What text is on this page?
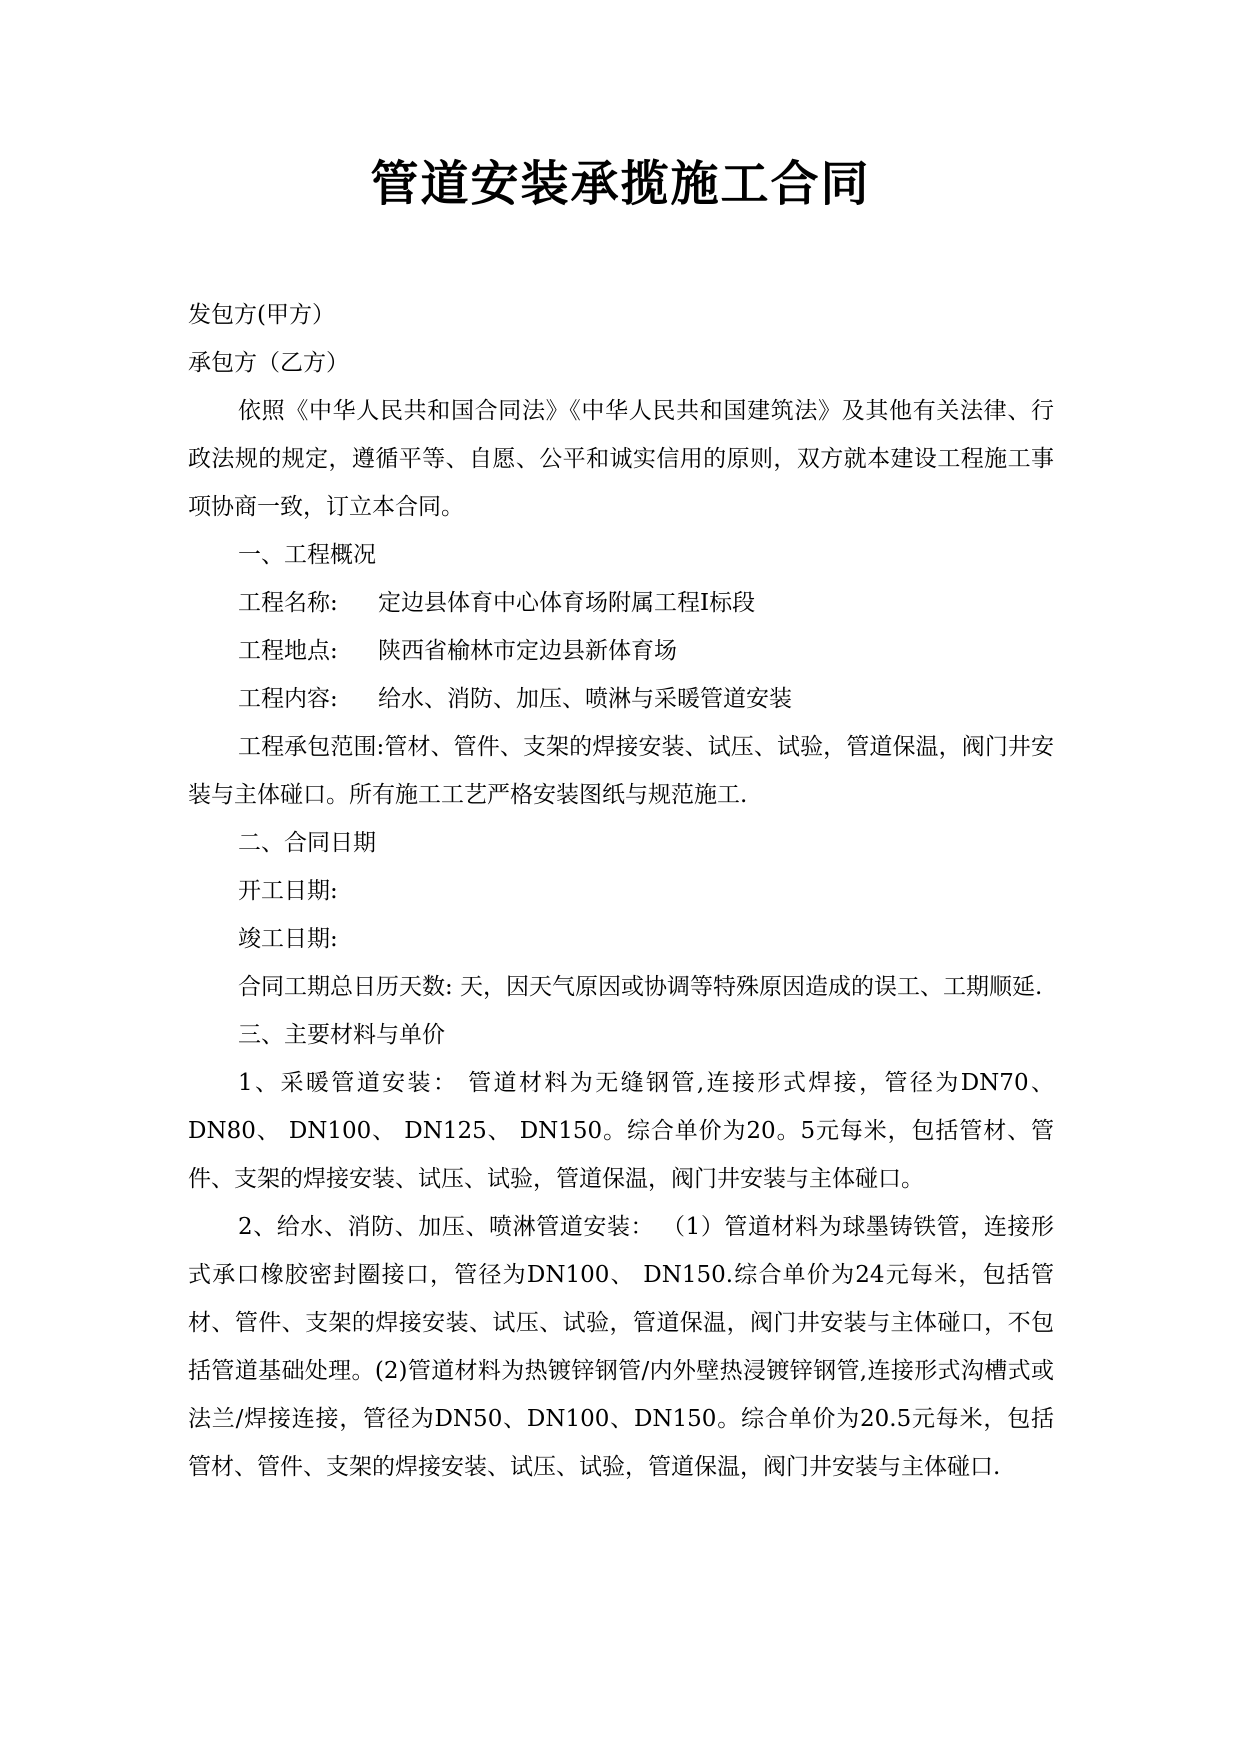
管道安装承揽施工合同

发包方(甲方）

承包方（乙方）

依照《中华人民共和国合同法》《中华人民共和国建筑法》及其他有关法律、行政法规的规定，遵循平等、自愿、公平和诚实信用的原则，双方就本建设工程施工事项协商一致，订立本合同。

一、工程概况

工程名称:	定边县体育中心体育场附属工程Ⅰ标段
工程地点:	陕西省榆林市定边县新体育场
工程内容:	给水、消防、加压、喷淋与采暖管道安装

工程承包范围:管材、管件、支架的焊接安装、试压、试验，管道保温，阀门井安装与主体碰口。所有施工工艺严格安装图纸与规范施工.

二、合同日期

开工日期:

竣工日期:

合同工期总日历天数: 天，因天气原因或协调等特殊原因造成的误工、工期顺延.

三、主要材料与单价

1、采暖管道安装： 管道材料为无缝钢管,连接形式焊接，管径为DN70、DN80、 DN100、 DN125、 DN150。综合单价为20。5元每米，包括管材、管件、支架的焊接安装、试压、试验，管道保温，阀门井安装与主体碰口。

2、给水、消防、加压、喷淋管道安装： （1）管道材料为球墨铸铁管，连接形式承口橡胶密封圈接口，管径为DN100、 DN150.综合单价为24元每米，包括管材、管件、支架的焊接安装、试压、试验，管道保温，阀门井安装与主体碰口，不包括管道基础处理。(2)管道材料为热镀锌钢管/内外壁热浸镀锌钢管,连接形式沟槽式或法兰/焊接连接，管径为DN50、DN100、DN150。综合单价为20.5元每米，包括管材、管件、支架的焊接安装、试压、试验，管道保温，阀门井安装与主体碰口.
